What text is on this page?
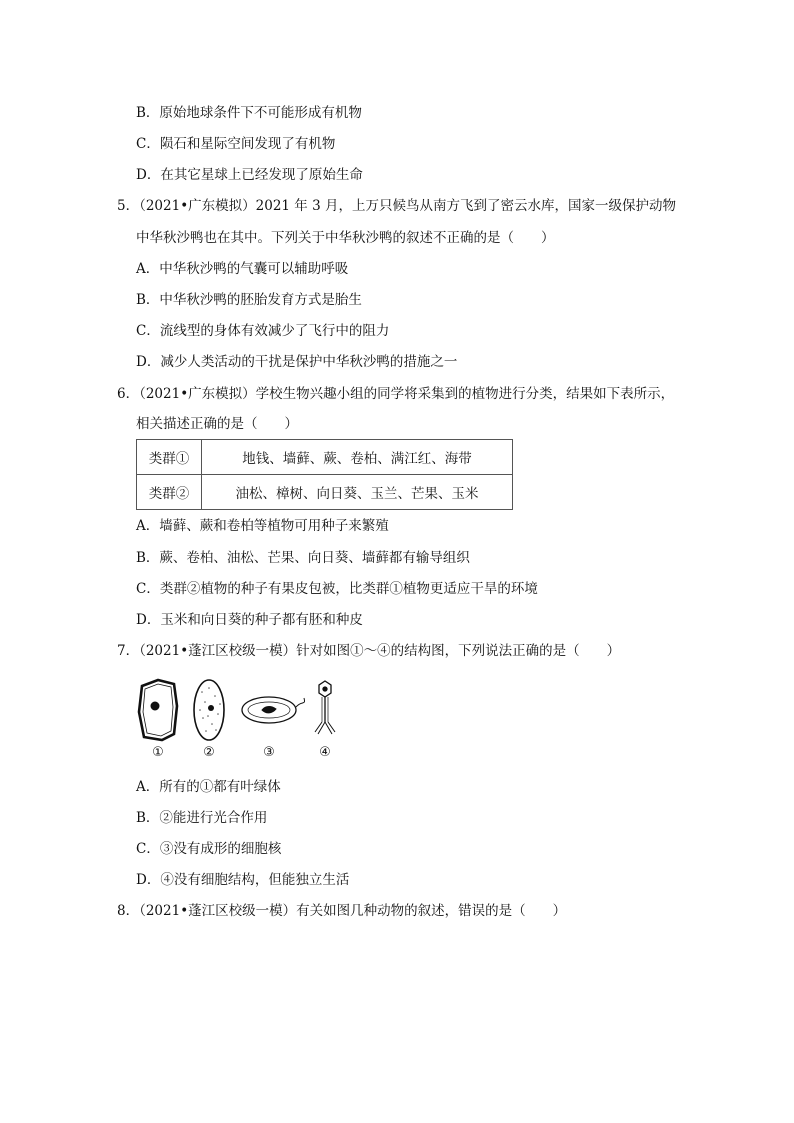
B．原始地球条件下不可能形成有机物
C．陨石和星际空间发现了有机物
D．在其它星球上已经发现了原始生命
5．（2021•广东模拟）2021 年 3 月，上万只候鸟从南方飞到了密云水库，国家一级保护动物
中华秋沙鸭也在其中。下列关于中华秋沙鸭的叙述不正确的是（　　）
A．中华秋沙鸭的气囊可以辅助呼吸
B．中华秋沙鸭的胚胎发育方式是胎生
C．流线型的身体有效减少了飞行中的阻力
D．减少人类活动的干扰是保护中华秋沙鸭的措施之一
6．（2021•广东模拟）学校生物兴趣小组的同学将采集到的植物进行分类，结果如下表所示，
相关描述正确的是（　　）
类群①	地钱、墙藓、蕨、卷柏、满江红、海带
类群②	油松、樟树、向日葵、玉兰、芒果、玉米
A．墙藓、蕨和卷柏等植物可用种子来繁殖
B．蕨、卷柏、油松、芒果、向日葵、墙藓都有输导组织
C．类群②植物的种子有果皮包被，比类群①植物更适应干旱的环境
D．玉米和向日葵的种子都有胚和种皮
7．（2021•蓬江区校级一模）针对如图①～④的结构图，下列说法正确的是（　　）
①	②	③	④
A．所有的①都有叶绿体
B．②能进行光合作用
C．③没有成形的细胞核
D．④没有细胞结构，但能独立生活
8．（2021•蓬江区校级一模）有关如图几种动物的叙述，错误的是（　　）
